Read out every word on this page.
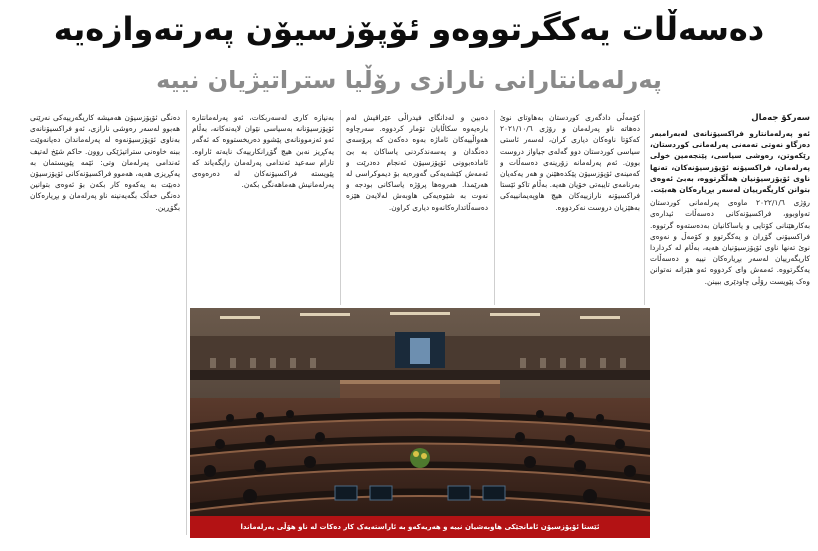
دەسەڵات یەکگرتووەو ئۆپۆزسیۆن پەرتەوازەیە
پەرلەمانتارانی نارازی رۆڵیا ستراتیژیان نییە
سەرکۆ جەمال

ئەو پەرلەمانتارو فراکسیۆنانەی لەبەرامبەر دەزگاو نەوتی تەمەنی پەرلەمانی کوردستان، رێکەوتن، رەوشی سیاسی، پێنجەمین خولی پەرلەمان، فراکسیۆنە ئۆپۆزسیۆنەکان، تەنها ناوی ئۆپۆزسیۆنیان هەڵگرتووە، بەبێ ئەوەی بتوانن کاریگەرییان لەسەر بڕیارەکان هەبێت.

رۆژی ٢٠٢٢/١/٦ ماوەی پەرلەمانی کوردستان تەواوبوو، فراکسیۆنەکانی دەسەڵات ئیدارەی بەکارهێنانی کۆتایی و یاساکانیان بەدەستەوە گرتووە. فراکسیۆنی گۆڕان و یەکگرتوو و کۆمەڵ و نەوەی نوێ تەنها ناوی ئۆپۆزسیۆنیان هەیە، بەڵام لە کرداردا کاریگەرییان لەسەر بڕیارەکان نییە و دەسەڵات یەکگرتووە. ئەمەش وای کردووە ئەو هێزانە نەتوانن وەک پێویست رۆڵی چاودێری ببینن.

کۆمەڵی دادگەری کوردستان بەهاوتای نوێ دەهاتە ناو پەرلەمان و رۆژی ٢٠٢١/١٠/٦ کەکۆتا ناوەکان دیاری کران، لەسەر ئاستی سیاسی کوردستان دوو گەلەی جیاواز دروست بوون. ئەم پەرلەمانە زۆرینەی دەسەڵات و کەمینەی ئۆپۆزسیۆن پێکدەهێنن و هەر یەکەیان بەرنامەی تایبەتی خۆیان هەیە. بەڵام تاکو ئێستا فراکسیۆنە نارازییەکان هیچ هاوپەیمانییەکی بەهێزیان دروست نەکردووە.

دەبین و لەدانگای فیدراڵی عێراقیش لەم بارەیەوە سکاڵایان تۆمار کردووە. سەرچاوە هەواڵییەکان ئاماژە بەوە دەکەن کە پرۆسەی دەنگدان و پەسەندکردنی یاساکان بە بێ ئامادەبوونی ئۆپۆزسیۆن ئەنجام دەدرێت و ئەمەش کێشەیەکی گەورەیە بۆ دیموکراسی لە هەرێمدا. هەروەها پرۆژە یاساکانی بودجە و نەوت بە شێوەیەکی هاوبەش لەلایەن هێزە دەسەڵاتدارەکانەوە دیاری کراون.

بەنیازە کاری لەسەربکات، ئەو پەرلەمانتارە ئۆپۆزسیۆنانە بەسیاسی نێوان لایەنەکانە، بەڵام ئەو ئەزموونانەی پێشوو دەریخستووە کە ئەگەر یەکڕیز نەبن هیچ گۆڕانکارییەک نایەتە ئاراوە. تارام سەعید ئەندامی پەرلەمان رایگەیاند کە پێویستە فراکسیۆنەکان لە دەرەوەی پەرلەمانیش هەماهەنگی بکەن.

دەنگی ئۆپۆزسیۆن هەمیشە کاریگەرییەکی نەرێنی هەبوو لەسەر رەوشی نارازی، ئەو فراکسیۆنانەی بەناوی ئۆپۆزسیۆنەوە لە پەرلەماندان دەیانەوێت ببنە خاوەنی ستراتیژێکی روون. حاکم شێخ لەتیف ئەندامی پەرلەمان وتی: ئێمە پێویستمان بە یەکڕیزی هەیە، هەموو فراکسیۆنەکانی ئۆپۆزسیۆن دەبێت بە یەکەوە کار بکەن بۆ ئەوەی بتوانین دەنگی خەڵک بگەیەنینە ناو پەرلەمان و بڕیارەکان بگۆڕین.

ئێستا ئۆپۆزسیۆن ئامانجێکی هاوبەشیان نییە و هەریەکەو بە ئاراستەیەک کار دەکات لە ناو هۆڵی پەرلەماندا
